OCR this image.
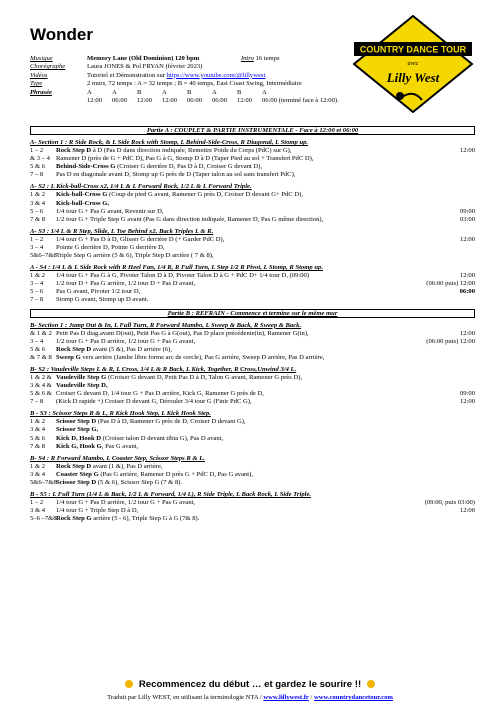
Wonder
COUNTRY DANCE TOUR
avec
Lilly West
Musique	Memory Lane (Old Dominion) 120 bpm	Intro 16 temps
Chorégraphe	Laura JONES & Pol FRYAN (février 2023)
Vidéos	Tutoriel et Démonstration sur https://www.youtube.com/@lillywest
Type	2 murs, 72 temps : A = 32 temps ; B = 40 temps, East Coast Swing, Intermédiaire
Phrasée	A	A	B	A	B	A	B	A
12:00	06:00	12:00	12:00	06:00	06:00	12:00	06:00 (terminé face à 12:00).
Partie A : COUPLET & PARTIE INSTRUMENTALE - Face à 12:00 et 06:00
A- Section 1 : R Side Rock, & L Side Rock with Stomp, L Behind-Side-Cross, R Diagonal, L Stomp up.
1 – 2	Rock Step D à D (Pas D dans direction indiquée, Remettre Poids du Corps (PdC) sur G),	12:00
& 3 – 4 Ramener D (près de G + PdC D), Pas G à G, Stomp D à D (Taper Pied au sol + Transfert PdC D),
5 & 6	Behind-Side-Cross G (Croiser G derrière D, Pas D à D, Croiser G devant D),
7 – 8	Pas D en diagonale avant D, Stomp up G près de D (Taper talon au sol sans transfert PdC),
A- S2 : L Kick-ball-Cross x2, 1/4 L & L Forward Rock, 1/2 L & L Forward Triple.
1 & 2	Kick-ball-Cross G (Coup de pied G avant, Ramener G près D, Croiser D devant G+ PdC D),
3 & 4	Kick-ball-Cross G,
5 – 6	1/4 tour G + Pas G avant, Revenir sur D,	09:00
7 & 8	1/2 tour G + Triple Step G avant (Pas G dans direction indiquée, Ramener D, Pas G même direction),	03:00
A- S3 : 1/4 L & R Step, Slide, L Toe Behind x2, Back Triples L & R.
1 – 2	1/4 tour G + Pas D à D, Glisser G derrière D (+ Garder PdC D),	12:00
3 – 4	Pointe G derrière D, Pointe G derrière D,
5&6–7&8 Triple Step G arrière (5 & 6), Triple Step D arrière ( 7 & 8),
A - S4 : 1/4 L & L Side Rock with R Heel Fan, 1/4 R, R Full Turn, L Step 1/2 R Pivot, L Stomp, R Stomp up.
1 & 2	1/4 tour G + Pas G à G, Pivoter Talon D à D, Pivoter Talon D à G + PdC D+ 1/4 tour D, (09:00)	12:00
3 – 4	1/2 tour D + Pas G arrière, 1/2 tour D + Pas D avant,	(06:00 puis) 12:00
5 – 6	Pas G avant, Pivoter 1/2 tour D,	06:00
7 – 8	Stomp G avant, Stomp up D avant.
Partie B : REFRAIN - Commence et termine sur le même mur
B- Section 1 : Jump Out & In, L Full Turn, R Forward Mambo, L Sweep & Back, R Sweep & Back.
& 1 & 2 Petit Pas D diag.avant D(out), Petit Pas G à G(out), Pas D place précédente(in), Ramener G(in),	12:00
3 – 4	1/2 tour G + Pas D arrière, 1/2 tour G + Pas G avant,	(06:00 puis) 12:00
5 & 6	Rock Step D avant (5 &), Pas D arrière (6),
& 7 & 8 Sweep G vers arrière (Jambe libre forme arc de cercle), Pas G arrière, Sweep D arrière, Pas D arrière,
B- S2 : Vaudeville Steps L & R, L Cross, 1/4 L & R Back, L Kick, Together, R Cross,Unwind 3/4 L.
1 & 2 & Vaudeville Step G (Croiser G devant D, Petit Pas D à D, Talon G avant, Ramener G près D),
3 & 4 & Vaudeville Step D,
5 & 6 & Croiser G devant D, 1/4 tour G + Pas D arrière, Kick G, Ramener G près de D,	09:00
7 – 8	(Kick D rapide +) Croiser D devant G, Dérouler 3/4 tour G (Finir PdC G),	12:00
B - S3 : Scissor Steps R & L, R Kick Hook Step, L Kick Hook Step.
1 & 2	Scissor Step D (Pas D à D, Ramener G près de D, Croiser D devant G),
3 & 4	Scissor Step G,
5 & 6	Kick D, Hook D (Croiser talon D devant tibia G), Pas D avant,
7 & 8	Kick G, Hook G, Pas G avant,
B- S4 : R Forward Mambo, L Coaster Step, Scissor Steps R & L.
1 & 2	Rock Step D avant (1 &), Pas D arrière,
3 & 4	Coaster Step G (Pas G arrière, Ramener D près G + PdC D, Pas G avant),
5&6–7&8 Scissor Step D (5 & 6), Scissor Step G (7 & 8).
B - S5 : L Full Turn (1/4 L & Back, 1/2 L & Forward, 1/4 L), R Side Triple, L Back Rock, L Side Triple.
1 – 2	1/4 tour G + Pas D arrière, 1/2 tour G + Pas G avant,	(09:00, puis 03:00)
3 & 4	1/4 tour G + Triple Step D à D,	12:00
5–6 –7&8 Rock Step G arrière (5 - 6), Triple Step G à G (7& 8).
Recommencez du début … et gardez le sourire !!
Traduit par Lilly WEST, en utilisant la terminologie NTA / www.lillywest.fr / www.countrydancetour.com
